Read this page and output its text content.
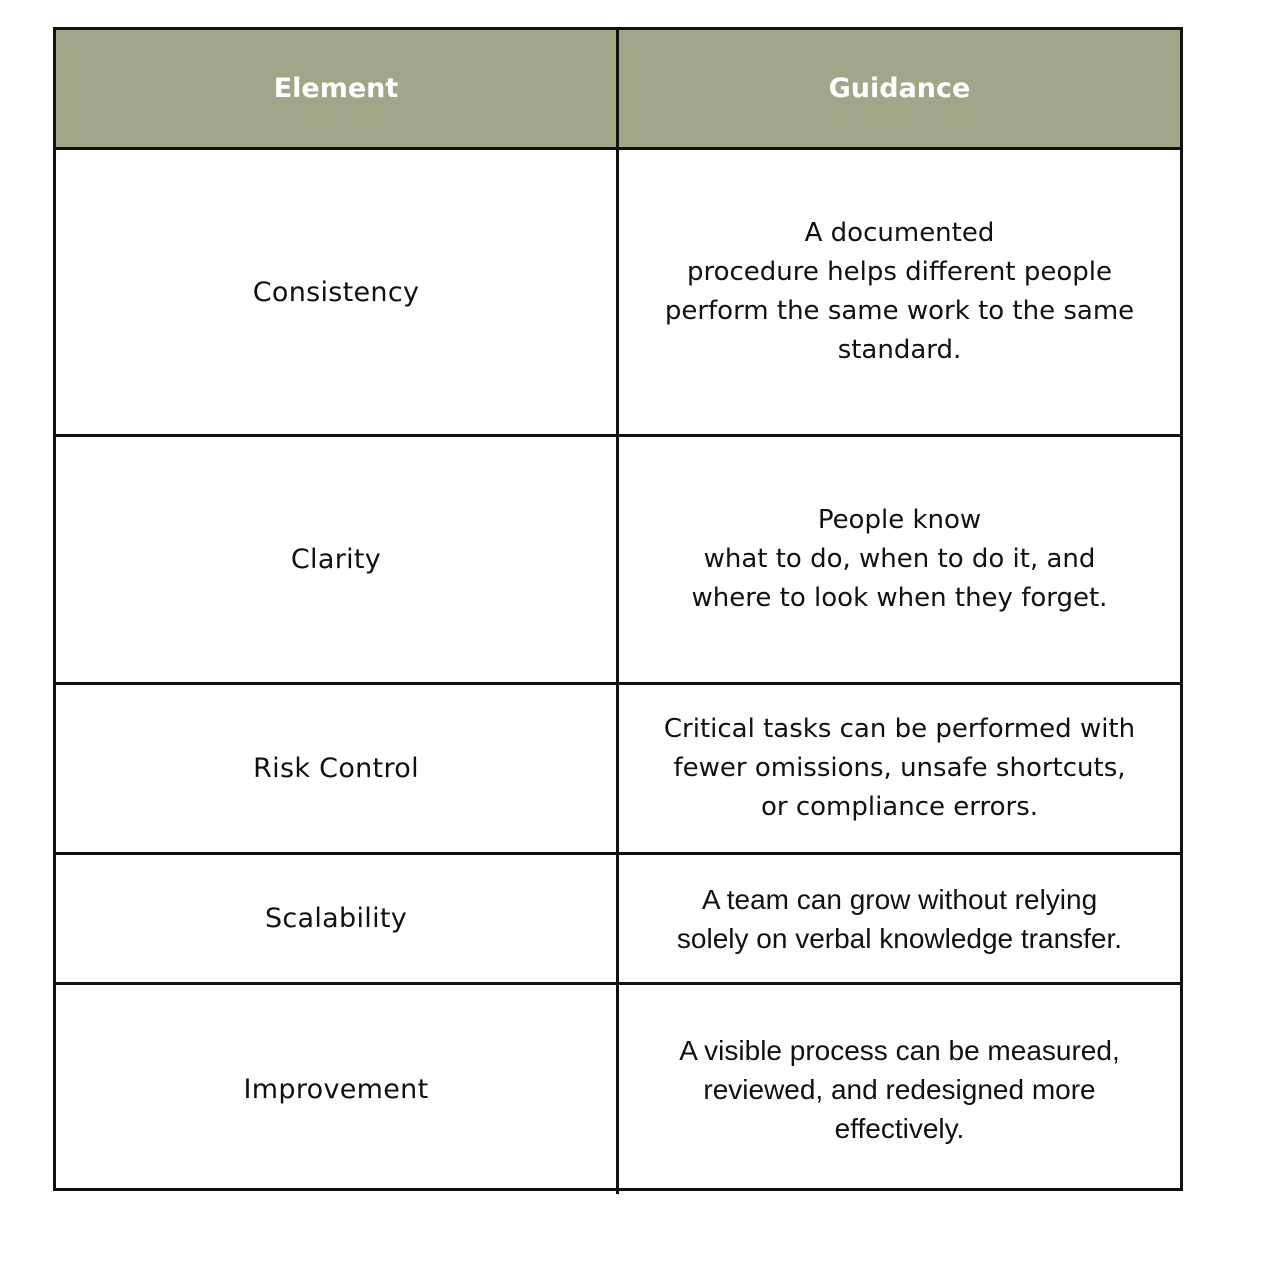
Element	Guidance
Consistency
A documented
procedure helps different people
perform the same work to the same
standard.
Clarity
People know
what to do, when to do it, and
where to look when they forget.
Risk Control
Critical tasks can be performed with
fewer omissions, unsafe shortcuts,
or compliance errors.
Scalability
A team can grow without relying
solely on verbal knowledge transfer.
Improvement
A visible process can be measured,
reviewed, and redesigned more
effectively.
